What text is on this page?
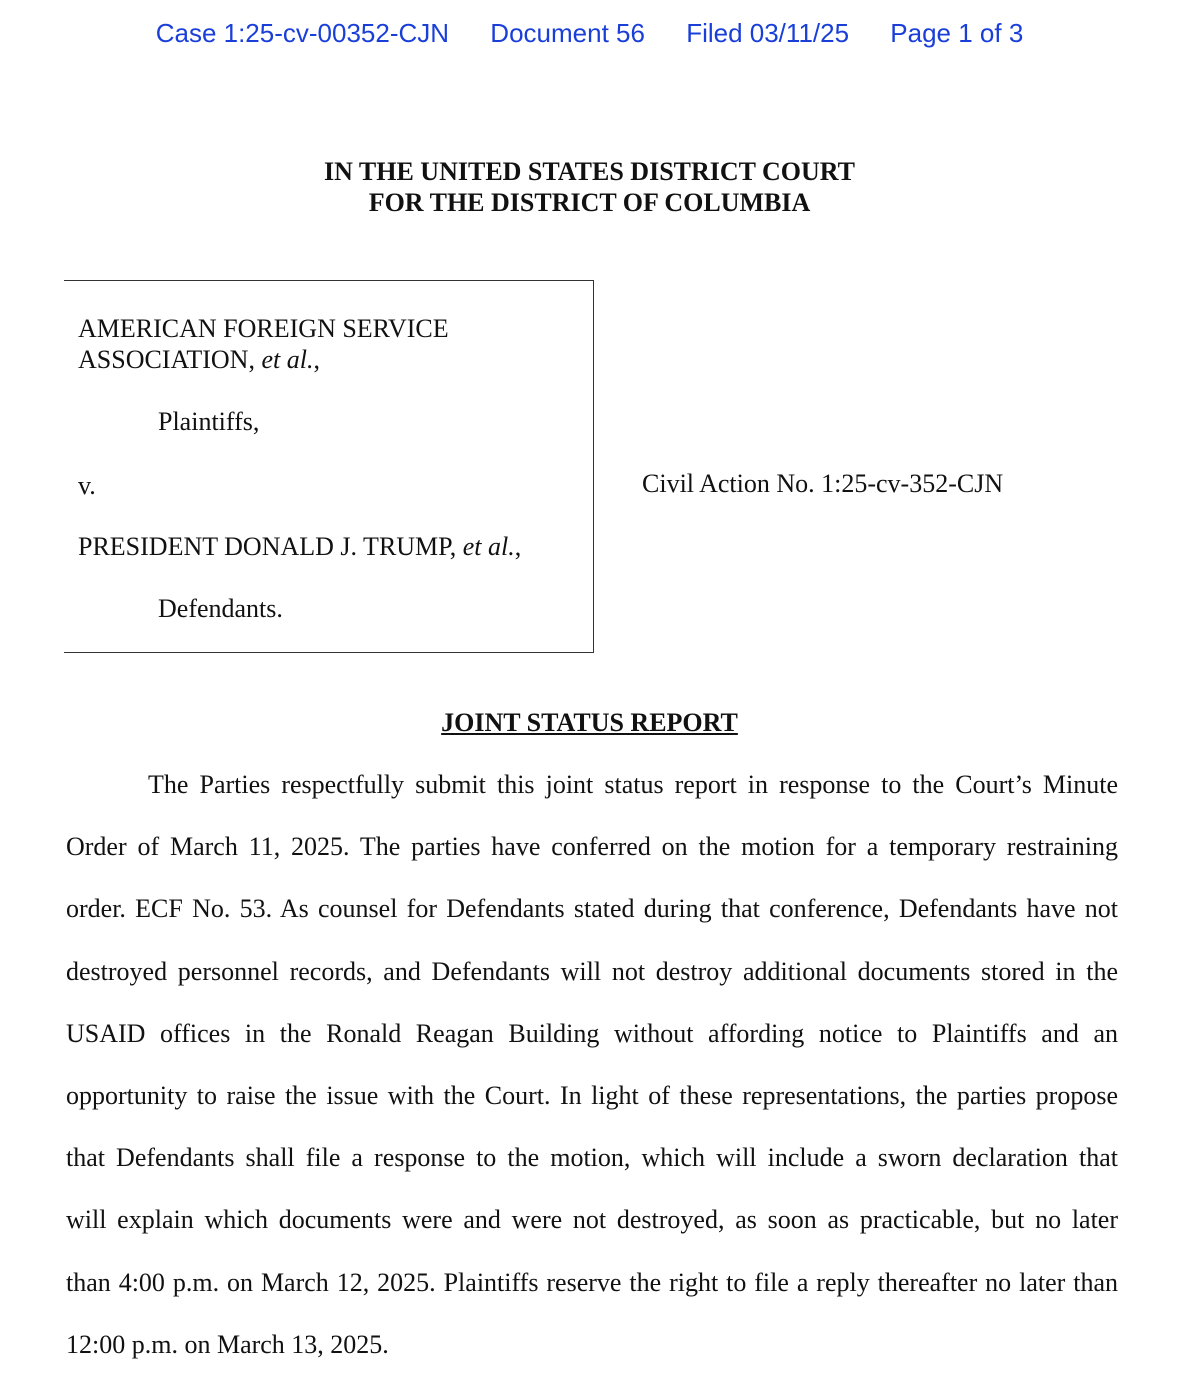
Case 1:25-cv-00352-CJN Document 56 Filed 03/11/25 Page 1 of 3
IN THE UNITED STATES DISTRICT COURT
FOR THE DISTRICT OF COLUMBIA
AMERICAN FOREIGN SERVICE
ASSOCIATION, et al.,
Plaintiffs,
v.
PRESIDENT DONALD J. TRUMP, et al.,
Defendants.
Civil Action No. 1:25-cv-352-CJN
JOINT STATUS REPORT
The Parties respectfully submit this joint status report in response to the Court’s Minute
Order of March 11, 2025. The parties have conferred on the motion for a temporary restraining
order. ECF No. 53. As counsel for Defendants stated during that conference, Defendants have not
destroyed personnel records, and Defendants will not destroy additional documents stored in the
USAID offices in the Ronald Reagan Building without affording notice to Plaintiffs and an
opportunity to raise the issue with the Court. In light of these representations, the parties propose
that Defendants shall file a response to the motion, which will include a sworn declaration that
will explain which documents were and were not destroyed, as soon as practicable, but no later
than 4:00 p.m. on March 12, 2025. Plaintiffs reserve the right to file a reply thereafter no later than
12:00 p.m. on March 13, 2025.
